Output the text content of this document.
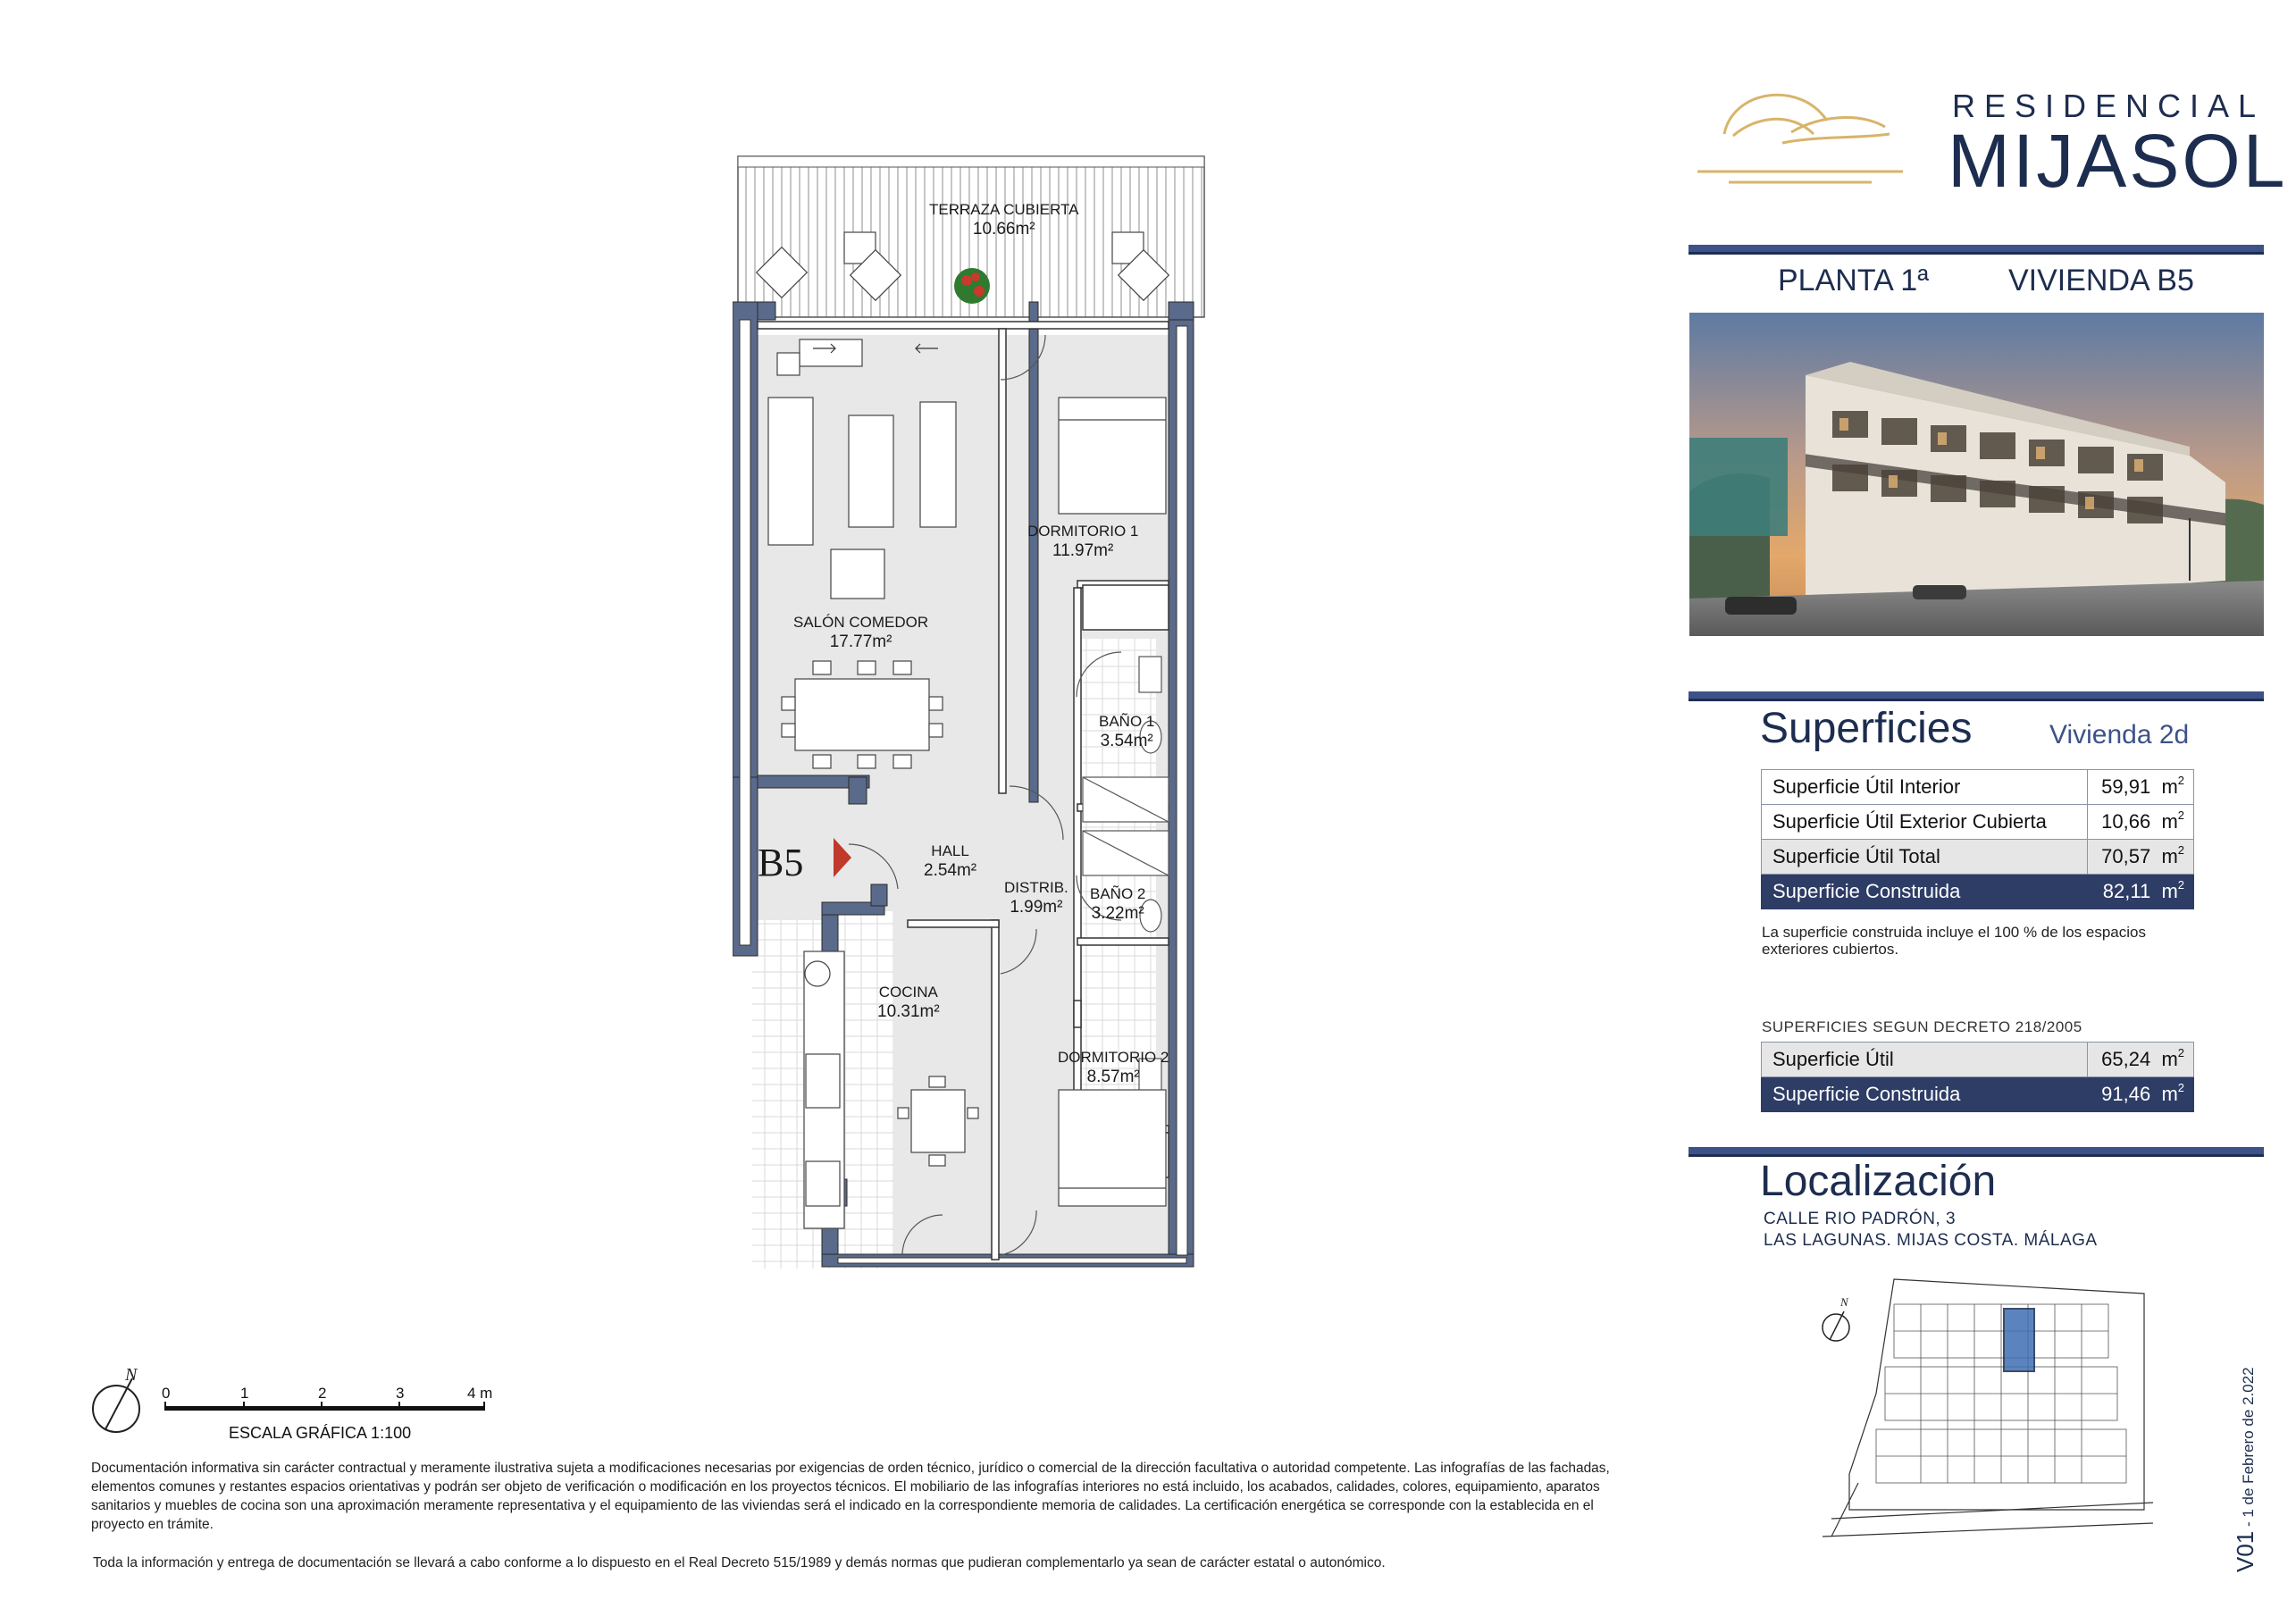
RESIDENCIAL
MIJASOL
PLANTA 1ª	VIVIENDA B5
Superficies	Vivienda 2d
Superficie Útil Interior	59,91 $m^2$
Superficie Útil Exterior Cubierta	10,66 $m^2$
Superficie Útil Total	70,57 $m^2$
Superficie Construida	82,11 $m^2$
La superficie construida incluye el 100 % de los espacios exteriores cubiertos.
SUPERFICIES SEGUN DECRETO 218/2005
Superficie Útil	65,24 $m^2$
Superficie Construida	91,46 $m^2$
Localización
CALLE RIO PADRÓN, 3
LAS LAGUNAS. MIJAS COSTA. MÁLAGA
N
V01 - 1 de Febrero de 2.022
B5
TERRAZA CUBIERTA
10.66m²
DORMITORIO 1
11.97m²
SALÓN COMEDOR
17.77m²
BAÑO 1
3.54m²
HALL
2.54m²
DISTRIB.
1.99m²
BAÑO 2
3.22m²
COCINA
10.31m²
DORMITORIO 2
8.57m²
N
0	1	2	3	4 m
ESCALA GRÁFICA 1:100
Documentación informativa sin carácter contractual y meramente ilustrativa sujeta a modificaciones necesarias por exigencias de orden técnico, jurídico o comercial de la dirección facultativa o autoridad competente. Las infografías de las fachadas, elementos comunes y restantes espacios orientativas y podrán ser objeto de verificación o modificación en los proyectos técnicos. El mobiliario de las infografías interiores no está incluido, los acabados, calidades, colores, equipamiento, aparatos sanitarios y muebles de cocina son una aproximación meramente representativa y el equipamiento de las viviendas será el indicado en la correspondiente memoria de calidades. La certificación energética se corresponde con la establecida en el proyecto en trámite.
Toda la información y entrega de documentación se llevará a cabo conforme a lo dispuesto en el Real Decreto 515/1989 y demás normas que pudieran complementarlo ya sean de carácter estatal o autonómico.
